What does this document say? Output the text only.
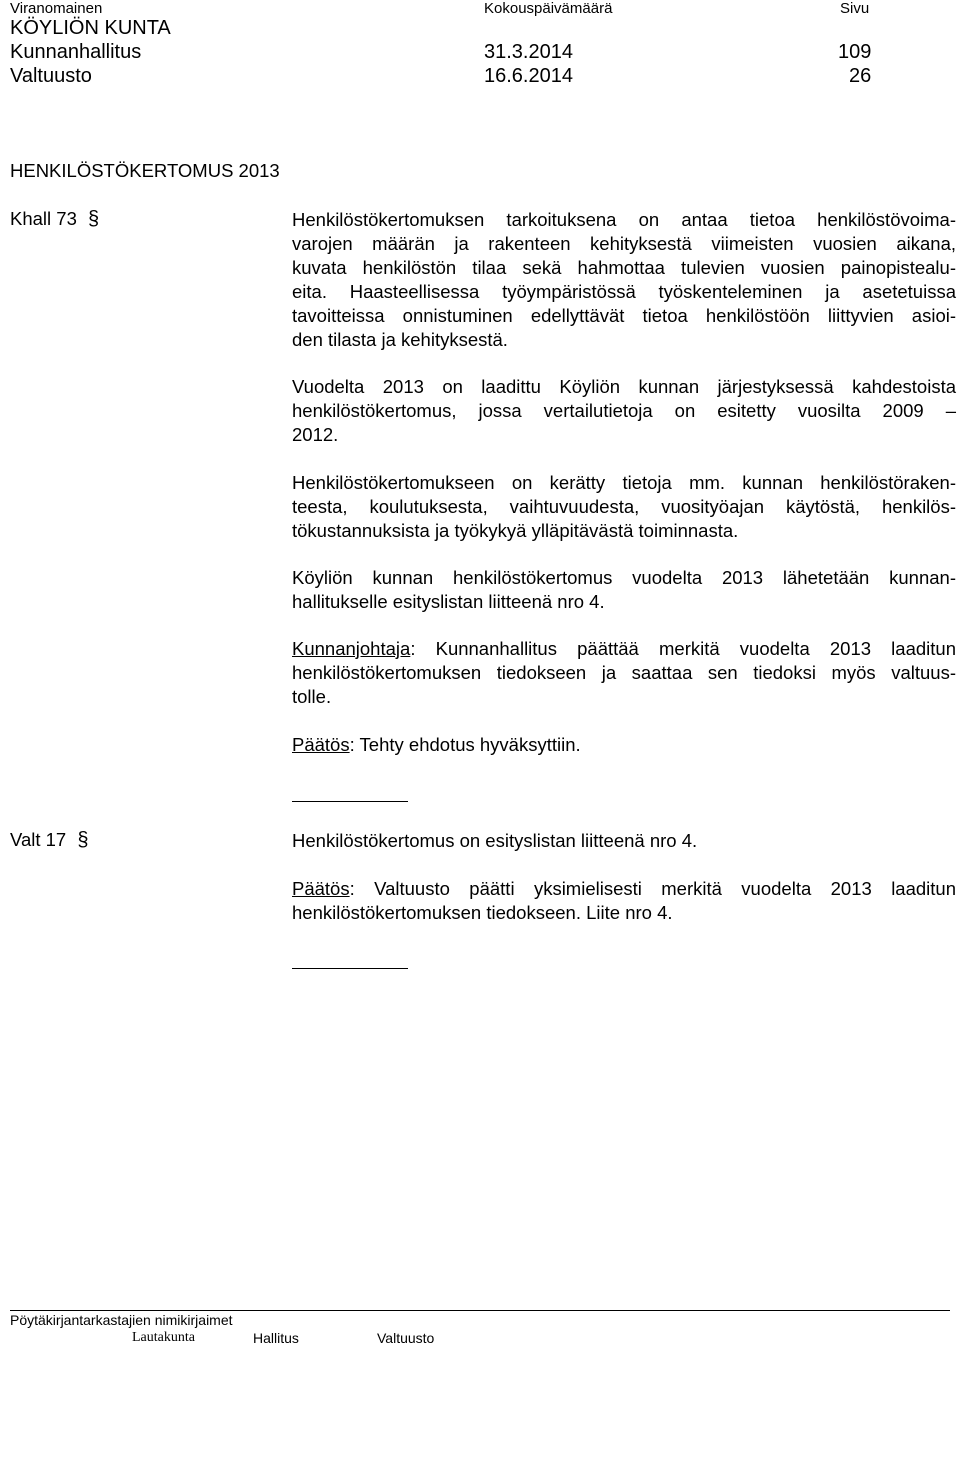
Viranomainen	Kokouspäivämäärä	Sivu
KÖYLIÖN KUNTA
Kunnanhallitus	31.3.2014	109
Valtuusto	16.6.2014	26
HENKILÖSTÖKERTOMUS 2013
Khall 73 §	Henkilöstökertomuksen tarkoituksena on antaa tietoa henkilöstövoima-
varojen määrän ja rakenteen kehityksestä viimeisten vuosien aikana,
kuvata henkilöstön tilaa sekä hahmottaa tulevien vuosien painopistealu-
eita. Haasteellisessa työympäristössä työskenteleminen ja asetetuissa
tavoitteissa onnistuminen edellyttävät tietoa henkilöstöön liittyvien asioi-
den tilasta ja kehityksestä.
Vuodelta 2013 on laadittu Köyliön kunnan järjestyksessä kahdestoista
henkilöstökertomus, jossa vertailutietoja on esitetty vuosilta 2009 –
2012.
Henkilöstökertomukseen on kerätty tietoja mm. kunnan henkilöstöraken-
teesta, koulutuksesta, vaihtuvuudesta, vuosityöajan käytöstä, henkilös-
tökustannuksista ja työkykyä ylläpitävästä toiminnasta.
Köyliön kunnan henkilöstökertomus vuodelta 2013 lähetetään kunnan-
hallitukselle esityslistan liitteenä nro 4.
Kunnanjohtaja: Kunnanhallitus päättää merkitä vuodelta 2013 laaditun
henkilöstökertomuksen tiedokseen ja saattaa sen tiedoksi myös valtuus-
tolle.
Päätös: Tehty ehdotus hyväksyttiin.
Valt 17 §	Henkilöstökertomus on esityslistan liitteenä nro 4.
Päätös: Valtuusto päätti yksimielisesti merkitä vuodelta 2013 laaditun
henkilöstökertomuksen tiedokseen. Liite nro 4.
Pöytäkirjantarkastajien nimikirjaimet
Lautakunta	Hallitus	Valtuusto
